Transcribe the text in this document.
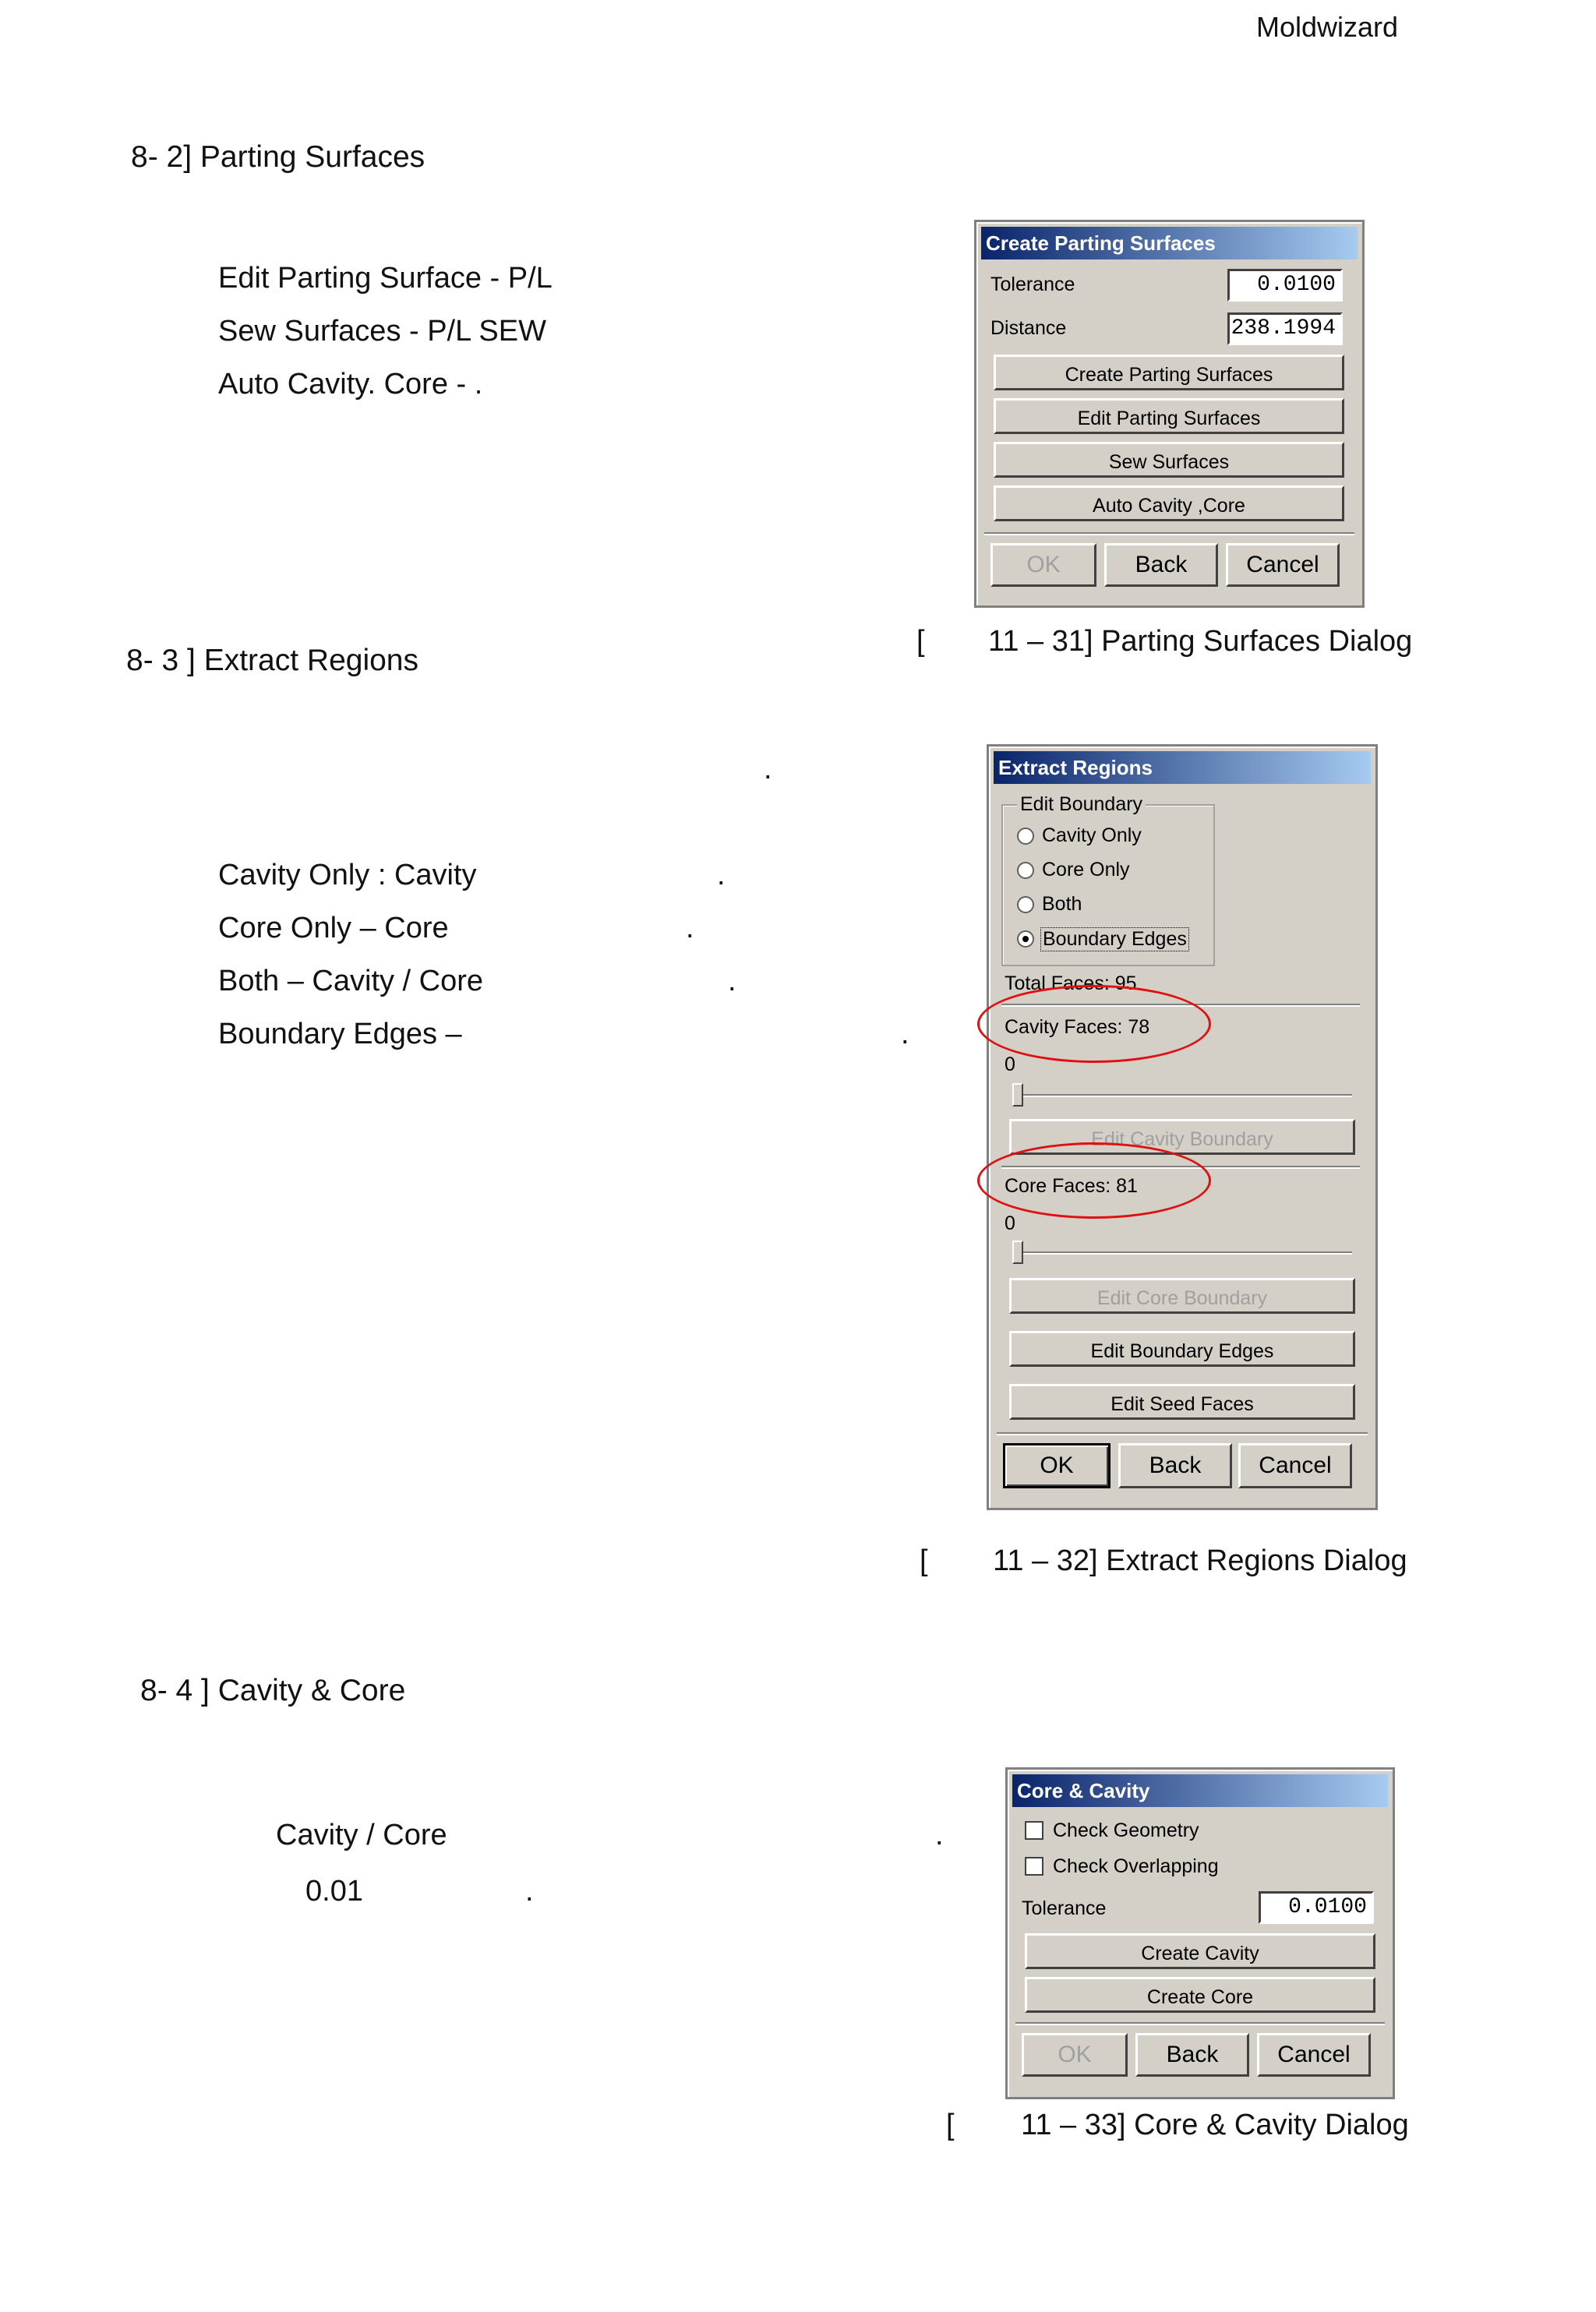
Moldwizard
8- 2] Parting Surfaces
Edit Parting Surface - P/L
Sew Surfaces - P/L SEW
Auto Cavity. Core - .
Create Parting Surfaces
Tolerance	0.0100
Distance	238.1994
Create Parting Surfaces
Edit Parting Surfaces
Sew Surfaces
Auto Cavity ,Core
OK	Back	Cancel
[ 11 – 31] Parting Surfaces Dialog
8- 3 ] Extract Regions
.
Cavity Only : Cavity	.
Core Only – Core	.
Both – Cavity / Core	.
Boundary Edges –	.
Extract Regions
Edit Boundary
Cavity Only
Core Only
Both
Boundary Edges
Total Faces: 95
Cavity Faces: 78
0
Edit Cavity Boundary
Core Faces: 81
0
Edit Core Boundary
Edit Boundary Edges
Edit Seed Faces
OK	Back	Cancel
[ 11 – 32] Extract Regions Dialog
8- 4 ] Cavity & Core
Cavity / Core	.
0.01	.
Core & Cavity
Check Geometry
Check Overlapping
Tolerance	0.0100
Create Cavity
Create Core
OK	Back	Cancel
[ 11 – 33] Core & Cavity Dialog
